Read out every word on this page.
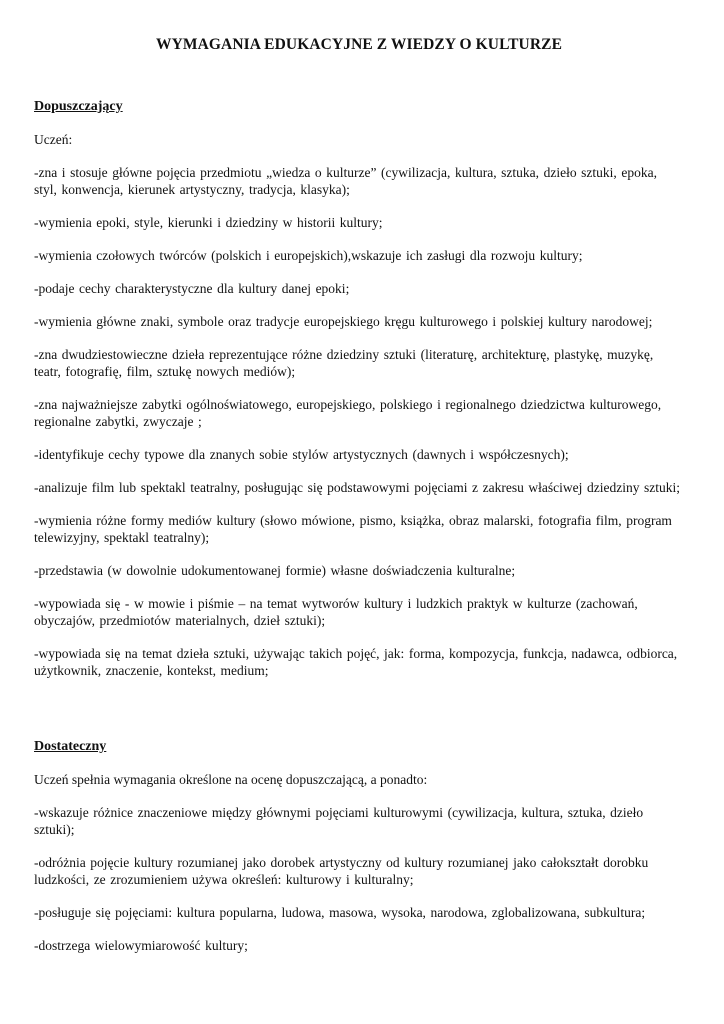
WYMAGANIA EDUKACYJNE Z WIEDZY O KULTURZE
Dopuszczający
Uczeń:
-zna i stosuje główne pojęcia przedmiotu „wiedza o kulturze” (cywilizacja, kultura, sztuka, dzieło sztuki, epoka, styl, konwencja, kierunek artystyczny, tradycja, klasyka);
-wymienia epoki, style, kierunki i dziedziny w historii kultury;
-wymienia czołowych twórców (polskich i europejskich),wskazuje ich zasługi dla rozwoju kultury;
-podaje cechy charakterystyczne dla kultury danej epoki;
-wymienia główne znaki, symbole oraz tradycje europejskiego kręgu kulturowego i polskiej kultury narodowej;
-zna dwudziestowieczne dzieła reprezentujące różne dziedziny sztuki (literaturę, architekturę, plastykę, muzykę, teatr, fotografię, film, sztukę nowych mediów);
-zna najważniejsze zabytki ogólnoświatowego, europejskiego, polskiego i regionalnego dziedzictwa kulturowego, regionalne zabytki, zwyczaje ;
-identyfikuje cechy typowe dla znanych sobie stylów artystycznych (dawnych i współczesnych);
-analizuje film lub spektakl teatralny, posługując się podstawowymi pojęciami z zakresu właściwej dziedziny sztuki;
-wymienia różne formy mediów kultury (słowo mówione, pismo, książka, obraz malarski, fotografia film, program telewizyjny, spektakl teatralny);
-przedstawia (w dowolnie udokumentowanej formie) własne doświadczenia kulturalne;
-wypowiada się - w mowie i piśmie – na temat wytworów kultury i ludzkich praktyk w kulturze (zachowań, obyczajów, przedmiotów materialnych, dzieł sztuki);
-wypowiada się na temat dzieła sztuki, używając takich pojęć, jak: forma, kompozycja, funkcja, nadawca, odbiorca, użytkownik, znaczenie, kontekst, medium;
Dostateczny
Uczeń spełnia wymagania określone na ocenę dopuszczającą, a ponadto:
-wskazuje różnice znaczeniowe między głównymi pojęciami kulturowymi (cywilizacja, kultura, sztuka, dzieło sztuki);
-odróżnia pojęcie kultury rozumianej jako dorobek artystyczny od kultury rozumianej jako całokształt dorobku ludzkości, ze zrozumieniem używa określeń: kulturowy i kulturalny;
-posługuje się pojęciami: kultura popularna, ludowa, masowa, wysoka, narodowa, zglobalizowana, subkultura;
-dostrzega wielowymiarowość kultury;
